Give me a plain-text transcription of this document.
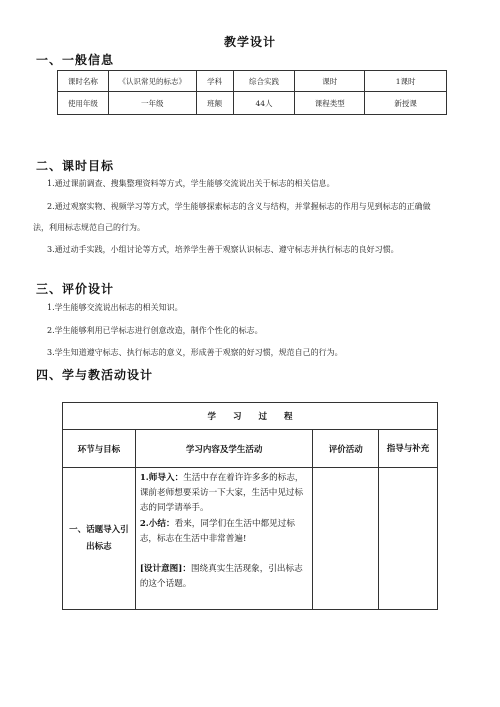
教学设计
一、一般信息
课时名称	《认识常见的标志》	学科	综合实践	课时	1课时
使用年级	一年级	班额	44人	课程类型	新授课
二、课时目标
1.通过课前调查、搜集整理资料等方式，学生能够交流说出关于标志的相关信息。
2.通过观察实物、视频学习等方式，学生能够探索标志的含义与结构，并掌握标志的作用与见到标志的正确做
法，利用标志规范自己的行为。
3.通过动手实践，小组讨论等方式，培养学生善于观察认识标志、遵守标志并执行标志的良好习惯。
三、评价设计
1.学生能够交流说出标志的相关知识。
2.学生能够利用已学标志进行创意改造，制作个性化的标志。
3.学生知道遵守标志、执行标志的意义，形成善于观察的好习惯，规范自己的行为。
四、学与教活动设计
学　　习　　过　　程			
环节与目标	学习内容及学生活动	评价活动	指导与补充
一、话题导入引出标志	1.师导入：生活中存在着许许多多的标志，课前老师想要采访一下大家，生活中见过标志的同学请举手。
2.小结：看来，同学们在生活中都见过标志，标志在生活中非常普遍!
[设计意图]：围绕真实生活现象，引出标志的这个话题。		
